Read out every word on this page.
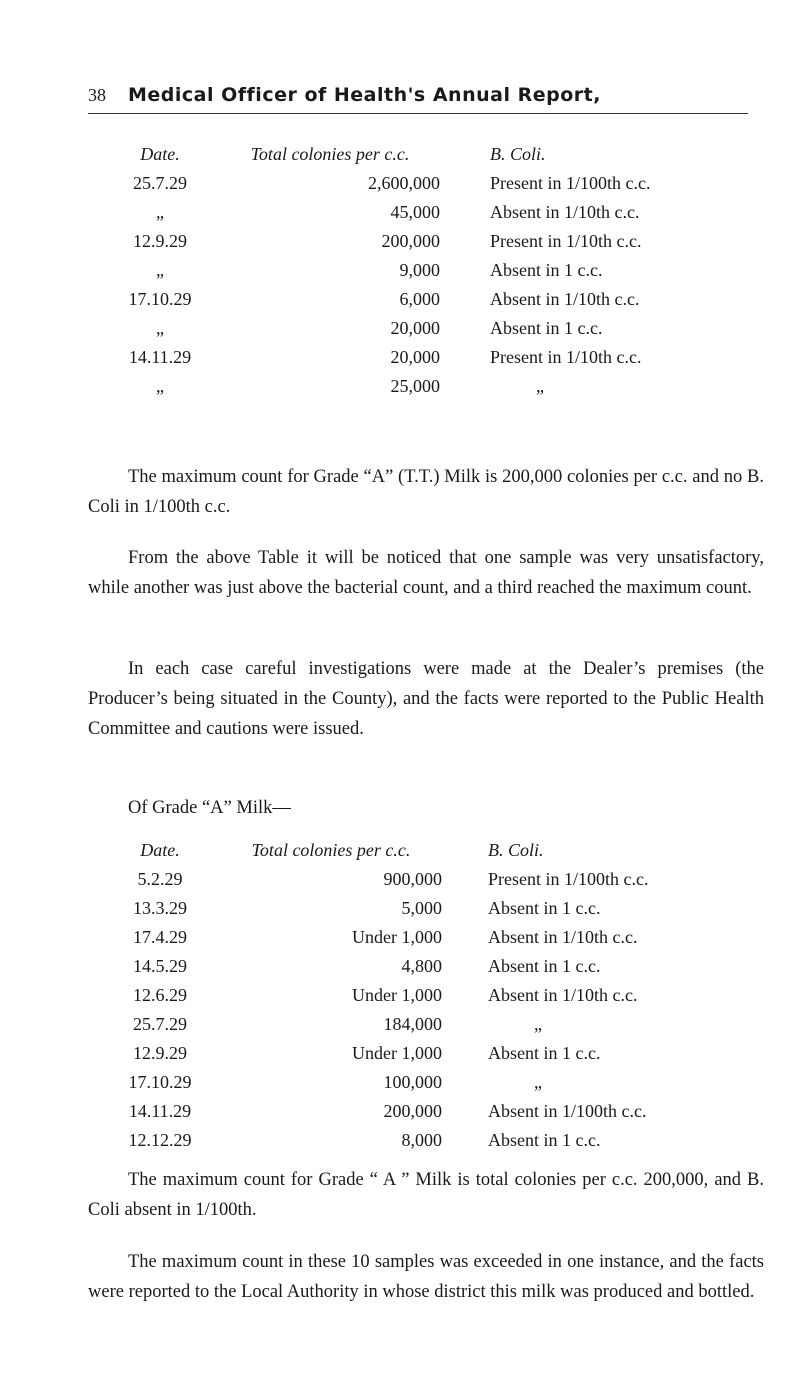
38 Medical Officer of Health's Annual Report,
Date.	Total colonies per c.c.	B. Coli.
25.7.29	2,600,000	Present in 1/100th c.c.
„	45,000	Absent in 1/10th c.c.
12.9.29	200,000	Present in 1/10th c.c.
„	9,000	Absent in 1 c.c.
17.10.29	6,000	Absent in 1/10th c.c.
„	20,000	Absent in 1 c.c.
14.11.29	20,000	Present in 1/10th c.c.
„	25,000	„

The maximum count for Grade “A” (T.T.) Milk is 200,000 colonies per c.c. and no B. Coli in 1/100th c.c.

From the above Table it will be noticed that one sample was very unsatisfactory, while another was just above the bacterial count, and a third reached the maximum count.

In each case careful investigations were made at the Dealer’s premises (the Producer’s being situated in the County), and the facts were reported to the Public Health Committee and cautions were issued.

Of Grade “A” Milk—

Date.	Total colonies per c.c.	B. Coli.
5.2.29	900,000	Present in 1/100th c.c.
13.3.29	5,000	Absent in 1 c.c.
17.4.29	Under 1,000	Absent in 1/10th c.c.
14.5.29	4,800	Absent in 1 c.c.
12.6.29	Under 1,000	Absent in 1/10th c.c.
25.7.29	184,000	„
12.9.29	Under 1,000	Absent in 1 c.c.
17.10.29	100,000	„
14.11.29	200,000	Absent in 1/100th c.c.
12.12.29	8,000	Absent in 1 c.c.

The maximum count for Grade “ A ” Milk is total colonies per c.c. 200,000, and B. Coli absent in 1/100th.

The maximum count in these 10 samples was exceeded in one instance, and the facts were reported to the Local Authority in whose district this milk was produced and bottled.
